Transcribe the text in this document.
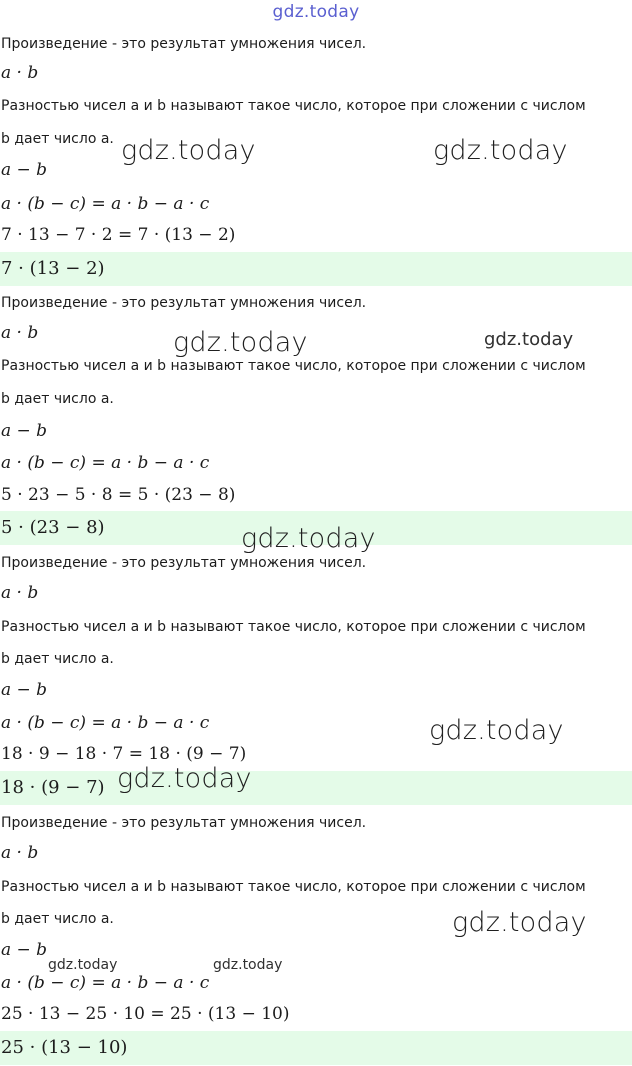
gdz.today
Произведение - это результат умножения чисел.
a · b
Разностью чисел a и b называют такое число, которое при сложении с числом
b дает число a.
a − b
a · (b − c) = a · b − a · c
7 · 13 − 7 · 2 = 7 · (13 − 2)
7 · (13 − 2)
Произведение - это результат умножения чисел.
a · b
Разностью чисел a и b называют такое число, которое при сложении с числом
b дает число a.
a − b
a · (b − c) = a · b − a · c
5 · 23 − 5 · 8 = 5 · (23 − 8)
5 · (23 − 8)
Произведение - это результат умножения чисел.
a · b
Разностью чисел a и b называют такое число, которое при сложении с числом
b дает число a.
a − b
a · (b − c) = a · b − a · c
18 · 9 − 18 · 7 = 18 · (9 − 7)
18 · (9 − 7)
Произведение - это результат умножения чисел.
a · b
Разностью чисел a и b называют такое число, которое при сложении с числом
b дает число a.
a − b
a · (b − c) = a · b − a · c
25 · 13 − 25 · 10 = 25 · (13 − 10)
25 · (13 − 10)
gdz.today	gdz.today
gdz.today	gdz.today
gdz.today
gdz.today
gdz.today
gdz.today
gdz.today	gdz.today
